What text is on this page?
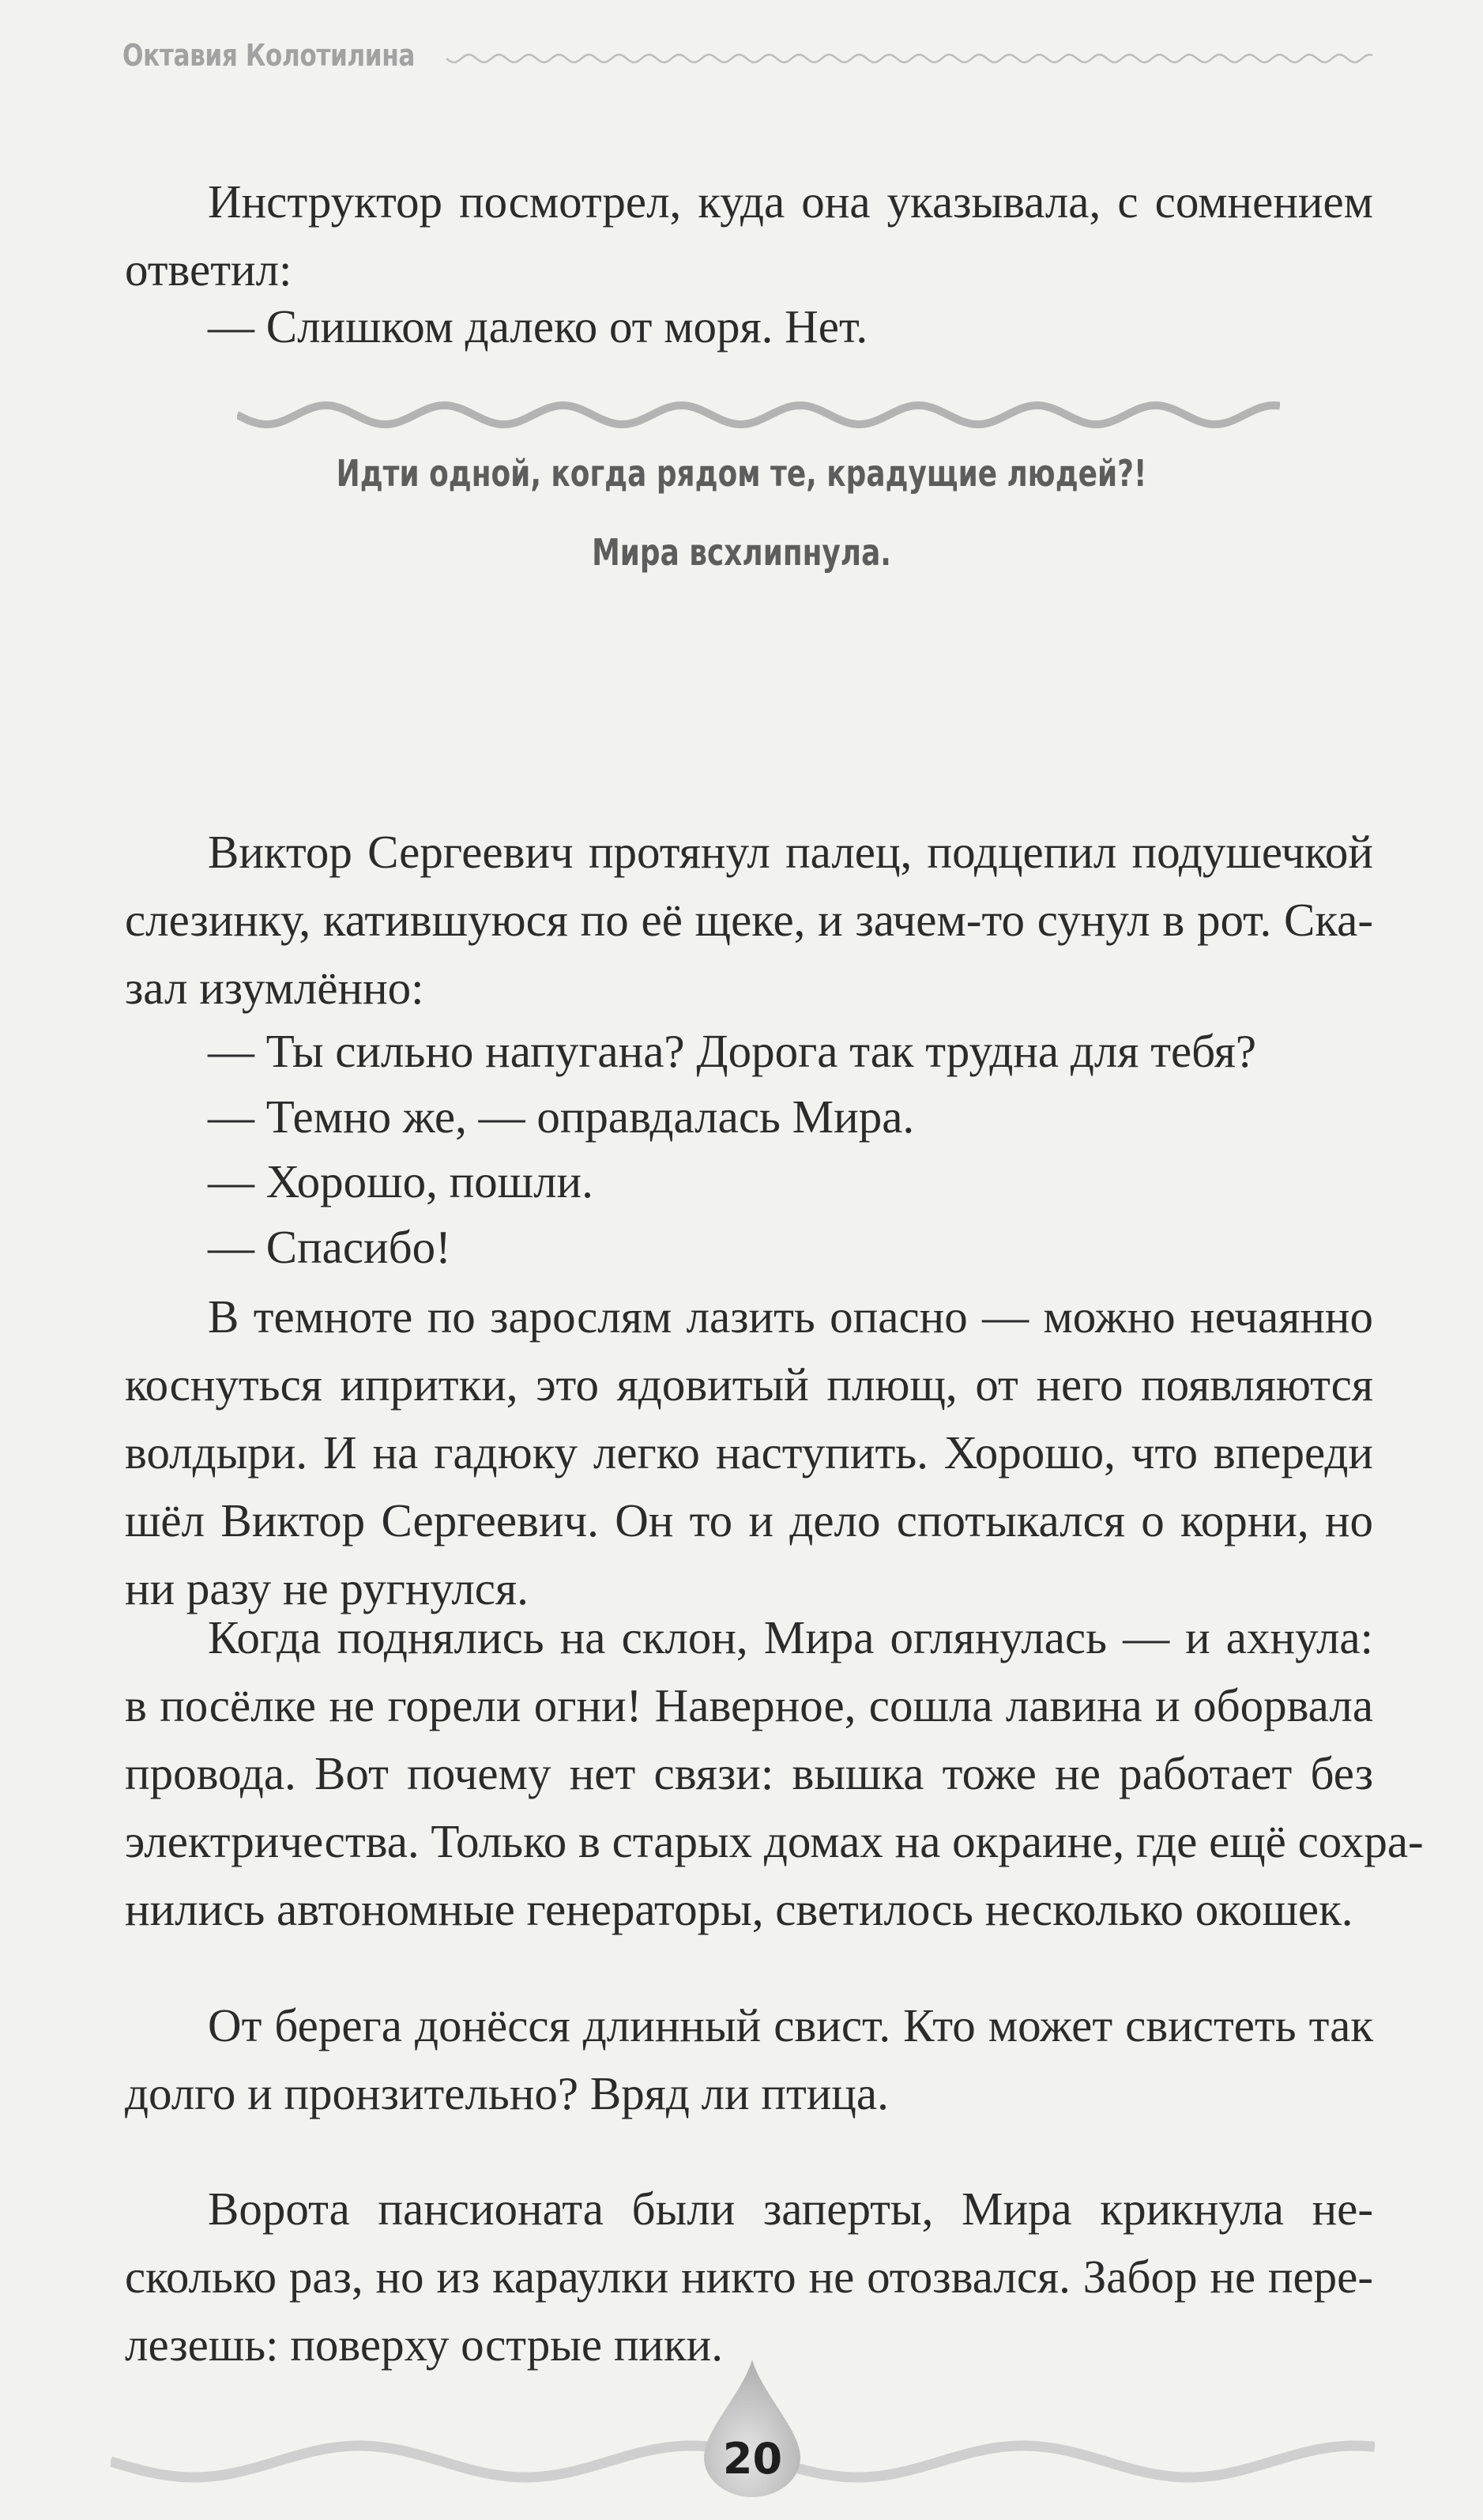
Октавия Колотилина
Инструктор посмотрел, куда она указывала, с сомнением
ответил:
— Слишком далеко от моря. Нет.
Виктор Сергеевич протянул палец, подцепил подушечкой
слезинку, катившуюся по её щеке, и зачем-то сунул в рот. Ска-
зал изумлённо:
— Ты сильно напугана? Дорога так трудна для тебя?
— Темно же, — оправдалась Мира.
— Хорошо, пошли.
— Спасибо!
В темноте по зарослям лазить опасно — можно нечаянно
коснуться ипритки, это ядовитый плющ, от него появляются
волдыри. И на гадюку легко наступить. Хорошо, что впереди
шёл Виктор Сергеевич. Он то и дело спотыкался о корни, но
ни разу не ругнулся.
Когда поднялись на склон, Мира оглянулась — и ахнула:
в посёлке не горели огни! Наверное, сошла лавина и оборвала
провода. Вот почему нет связи: вышка тоже не работает без
электричества. Только в старых домах на окраине, где ещё сохра-
нились автономные генераторы, светилось несколько окошек.
От берега донёсся длинный свист. Кто может свистеть так
долго и пронзительно? Вряд ли птица.
Ворота пансионата были заперты, Мира крикнула не-
сколько раз, но из караулки никто не отозвался. Забор не пере-
лезешь: поверху острые пики.
Идти одной, когда рядом те, крадущие людей?!
Мира всхлипнула.
20
